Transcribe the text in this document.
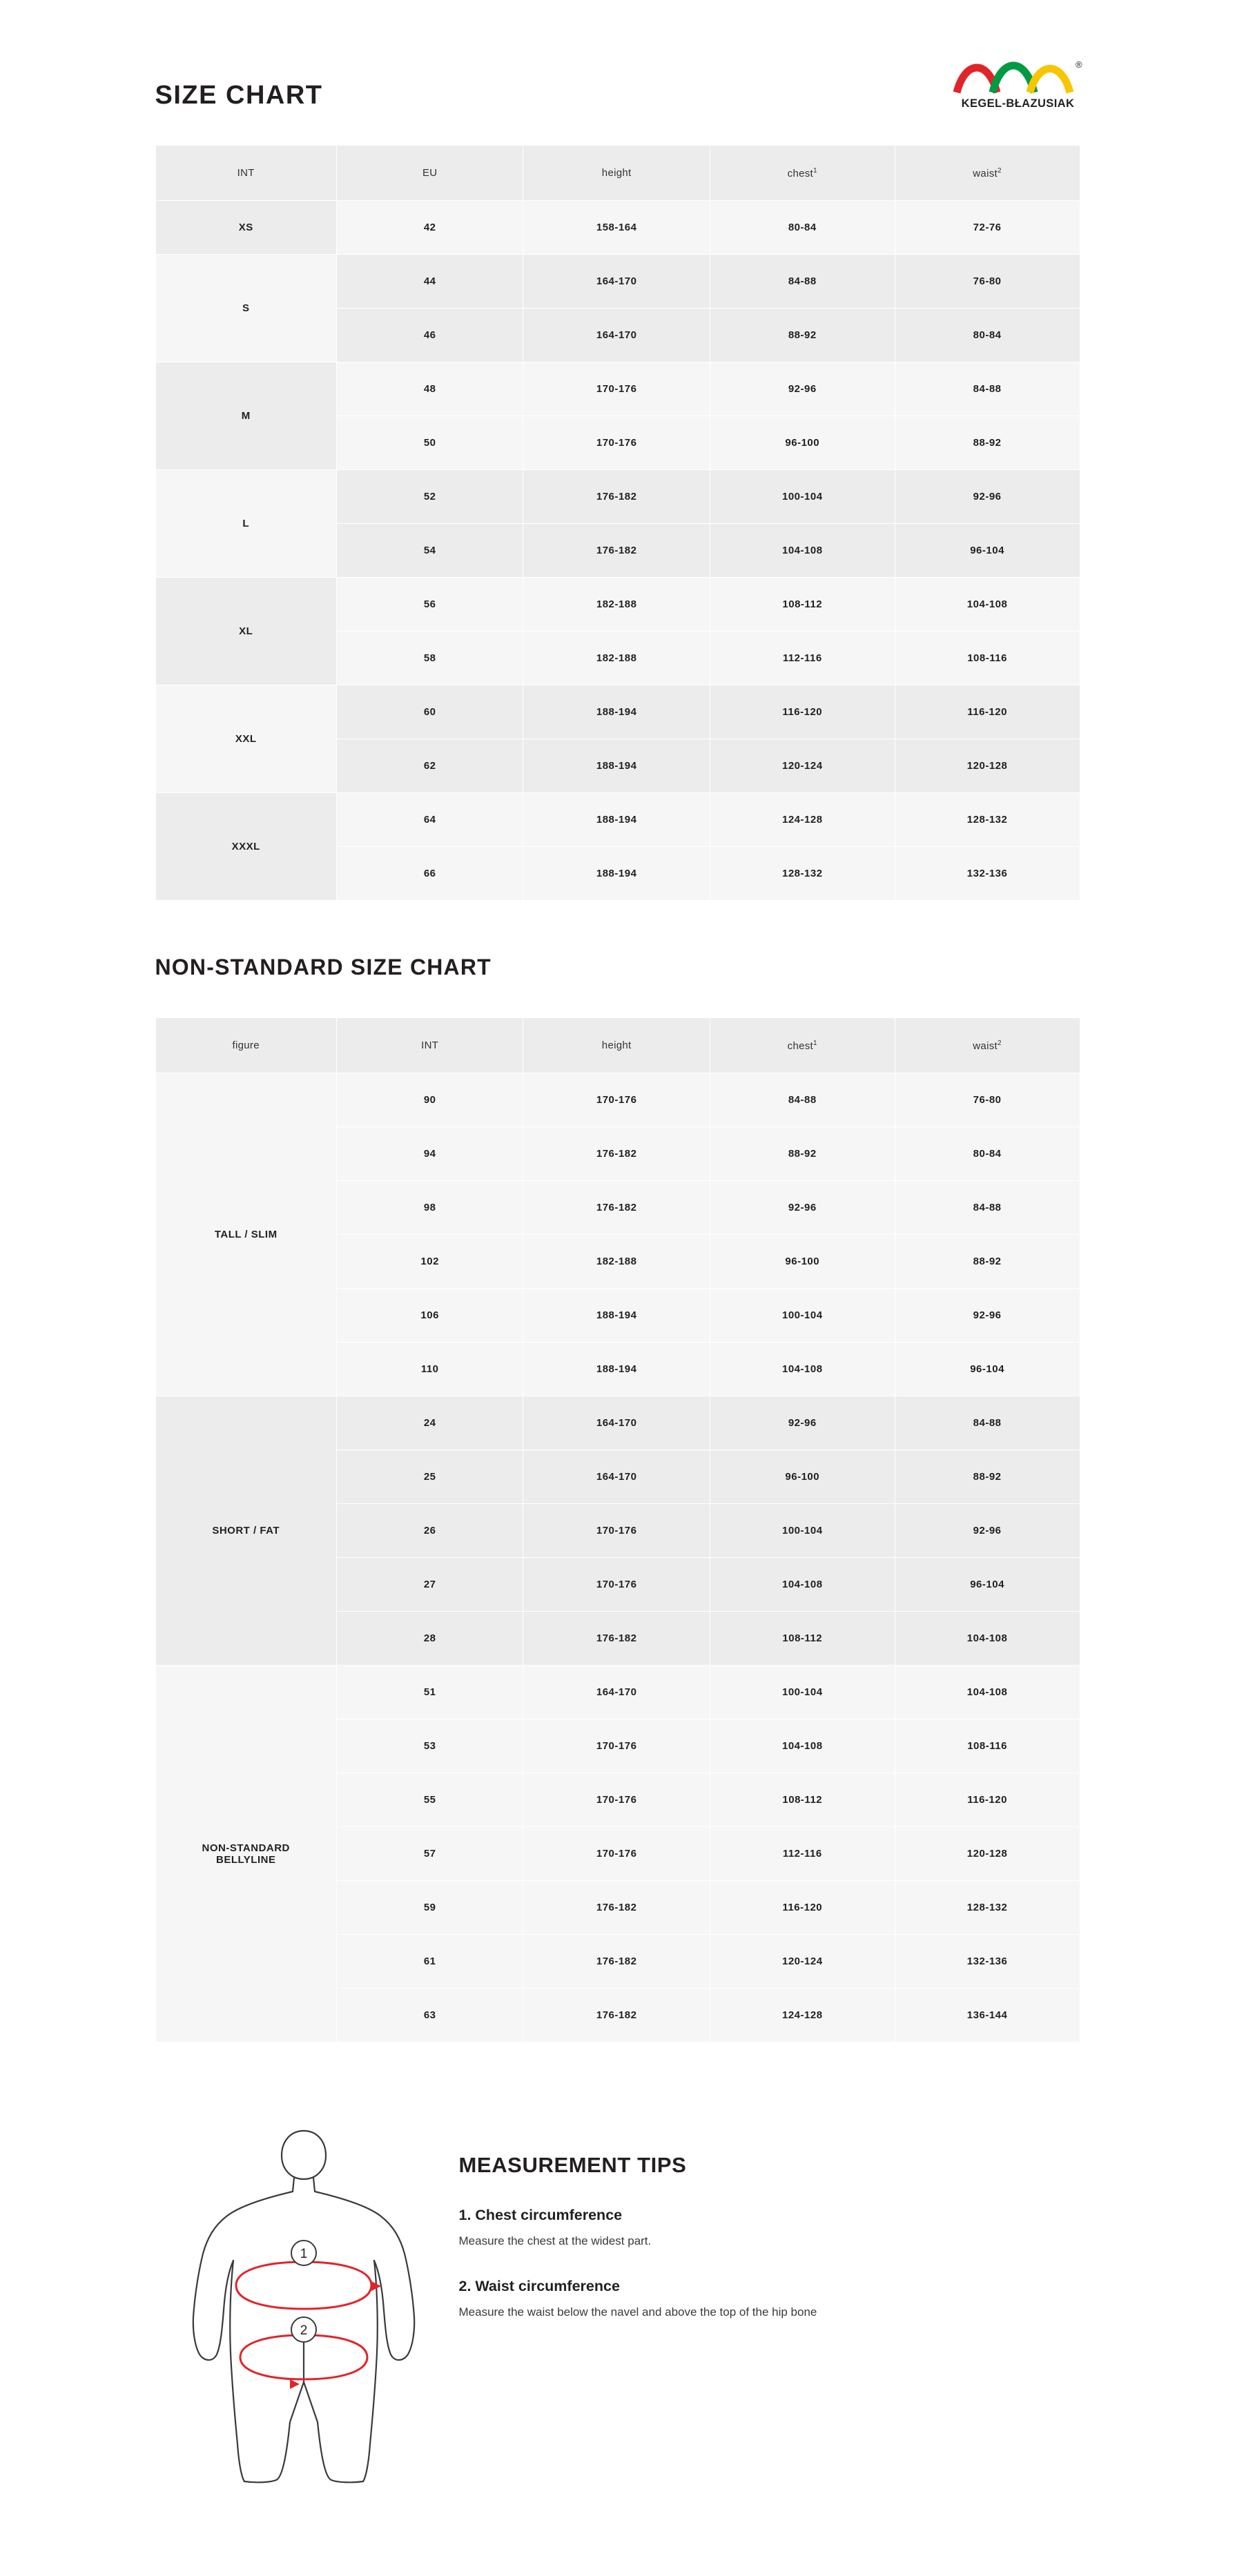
SIZE CHART
®
KEGEL-BŁAZUSIAK
INT	EU	height	chest$^1$	waist$^2$
XS	42	158-164	80-84	72-76
S	44	164-170	84-88	76-80
	46	164-170	88-92	80-84
M	48	170-176	92-96	84-88
	50	170-176	96-100	88-92
L	52	176-182	100-104	92-96
	54	176-182	104-108	96-104
XL	56	182-188	108-112	104-108
	58	182-188	112-116	108-116
XXL	60	188-194	116-120	116-120
	62	188-194	120-124	120-128
XXXL	64	188-194	124-128	128-132
	66	188-194	128-132	132-136
NON-STANDARD SIZE CHART
figure	INT	height	chest$^1$	waist$^2$
TALL / SLIM	90	170-176	84-88	76-80
	94	176-182	88-92	80-84
	98	176-182	92-96	84-88
	102	182-188	96-100	88-92
	106	188-194	100-104	92-96
	110	188-194	104-108	96-104
SHORT / FAT	24	164-170	92-96	84-88
	25	164-170	96-100	88-92
	26	170-176	100-104	92-96
	27	170-176	104-108	96-104
	28	176-182	108-112	104-108
NON-STANDARD
BELLYLINE	51	164-170	100-104	104-108
	53	170-176	104-108	108-116
	55	170-176	108-112	116-120
	57	170-176	112-116	120-128
	59	176-182	116-120	128-132
	61	176-182	120-124	132-136
	63	176-182	124-128	136-144
1
2
MEASUREMENT TIPS
1. Chest circumference

Measure the chest at the widest part.

2. Waist circumference

Measure the waist below the navel and above the top of the hip bone
